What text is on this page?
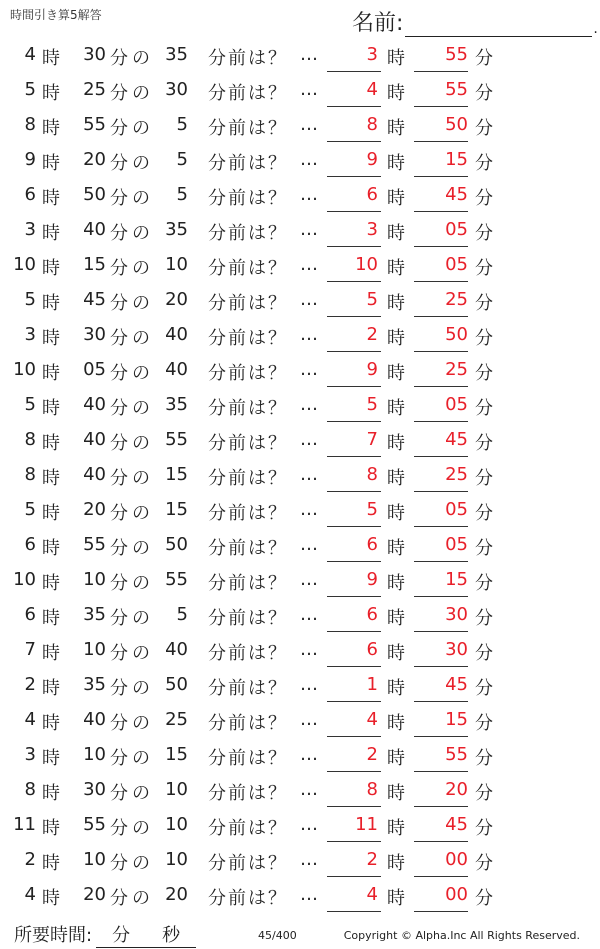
時間引き算5解答	名前:	.
4 時 30 分 の 35 分前は？ …	3 時 55 分
5 時 25 分 の 30 分前は？ …	4 時 55 分
8 時 55 分 の 5 分前は？ …	8 時 50 分
9 時 20 分 の 5 分前は？ …	9 時 15 分
6 時 50 分 の 5 分前は？ …	6 時 45 分
3 時 40 分 の 35 分前は？ …	3 時 05 分
10 時 15 分 の 10 分前は？ … 10 時 05 分
5 時 45 分 の 20 分前は？ …	5 時 25 分
3 時 30 分 の 40 分前は？ …	2 時 50 分
10 時 05 分 の 40 分前は？ …	9 時 25 分
5 時 40 分 の 35 分前は？ …	5 時 05 分
8 時 40 分 の 55 分前は？ …	7 時 45 分
8 時 40 分 の 15 分前は？ …	8 時 25 分
5 時 20 分 の 15 分前は？ …	5 時 05 分
6 時 55 分 の 50 分前は？ …	6 時 05 分
10 時 10 分 の 55 分前は？ …	9 時 15 分
6 時 35 分 の 5 分前は？ …	6 時 30 分
7 時 10 分 の 40 分前は？ …	6 時 30 分
2 時 35 分 の 50 分前は？ …	1 時 45 分
4 時 40 分 の 25 分前は？ …	4 時 15 分
3 時 10 分 の 15 分前は？ …	2 時 55 分
8 時 30 分 の 10 分前は？ …	8 時 20 分
11 時 55 分 の 10 分前は？ … 11 時 45 分
2 時 10 分 の 10 分前は？ …	2 時 00 分
4 時 20 分 の 20 分前は？ …	4 時 00 分
所要時間: 分 秒	45/400	Copyright © Alpha.Inc All Rights Reserved.
